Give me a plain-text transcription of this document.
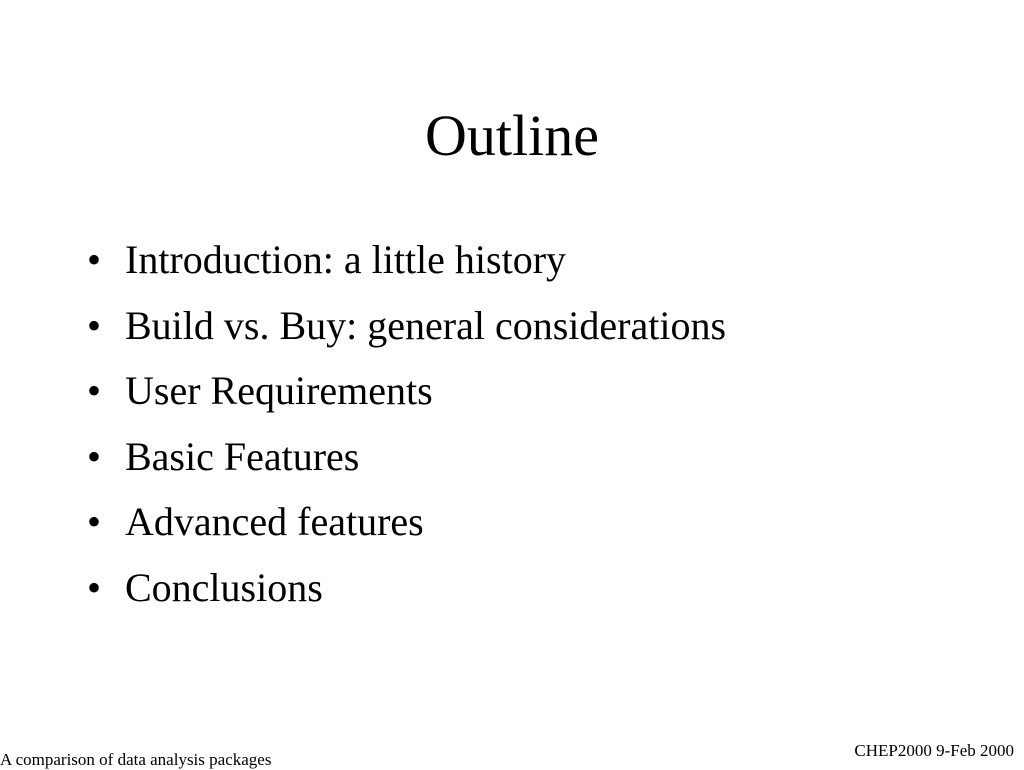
Outline
• Introduction: a little history
• Build vs. Buy: general considerations
• User Requirements
• Basic Features
• Advanced features
• Conclusions
A comparison of data analysis packages	CHEP2000 9-Feb 2000
